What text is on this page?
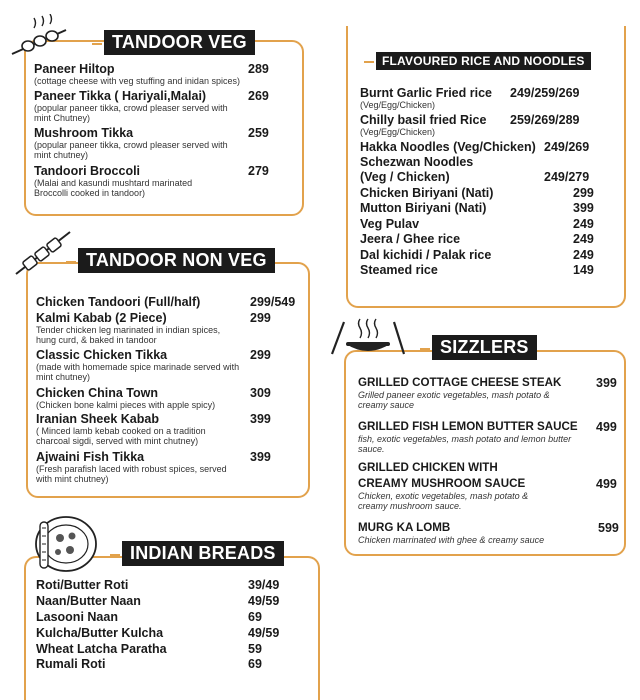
TANDOOR VEG
Paneer Hiltop	289
(cottage cheese with veg stuffing and inidan spices)
Paneer Tikka ( Hariyali,Malai)	269
(popular paneer tikka, crowd pleaser served with mint Chutney)
Mushroom Tikka	259
(popular paneer tikka, crowd pleaser served with mint chutney)
Tandoori Broccoli	279
(Malai and kasundi mushtard marinated Broccolli cooked in tandoor)
TANDOOR NON VEG
Chicken Tandoori (Full/half)	299/549
Kalmi Kabab (2 Piece)	299
Tender chicken leg marinated in indian spices, hung curd, & baked in tandoor
Classic Chicken Tikka	299
(made with homemade spice marinade served with mint chutney)
Chicken China Town	309
(Chicken bone kalmi pieces with apple spicy)
Iranian Sheek Kabab	399
( Minced lamb kebab cooked on a tradition charcoal sigdi, served with mint chutney)
Ajwaini Fish Tikka	399
(Fresh parafish laced with robust spices, served with mint chutney)
INDIAN BREADS
Roti/Butter Roti	39/49
Naan/Butter Naan	49/59
Lasooni Naan	69
Kulcha/Butter Kulcha	49/59
Wheat Latcha Paratha	59
Rumali Roti	69
FLAVOURED RICE AND NOODLES
Burnt Garlic Fried rice	249/259/269
(Veg/Egg/Chicken)
Chilly basil fried Rice	259/269/289
(Veg/Egg/Chicken)
Hakka Noodles (Veg/Chicken) 249/269
Schezwan Noodles
(Veg / Chicken)	249/279
Chicken Biriyani (Nati)	299
Mutton Biriyani (Nati)	399
Veg Pulav	249
Jeera / Ghee rice	249
Dal kichidi / Palak rice	249
Steamed rice	149
SIZZLERS
GRILLED COTTAGE CHEESE STEAK	399
Grilled paneer exotic vegetables, mash potato & creamy sauce
GRILLED FISH LEMON BUTTER SAUCE	499
fish, exotic vegetables, mash potato and lemon butter sauce.
GRILLED CHICKEN WITH
CREAMY MUSHROOM SAUCE	499
Chicken, exotic vegetables, mash potato & creamy mushroom sauce.
MURG KA LOMB	599
Chicken marrinated with ghee & creamy sauce
